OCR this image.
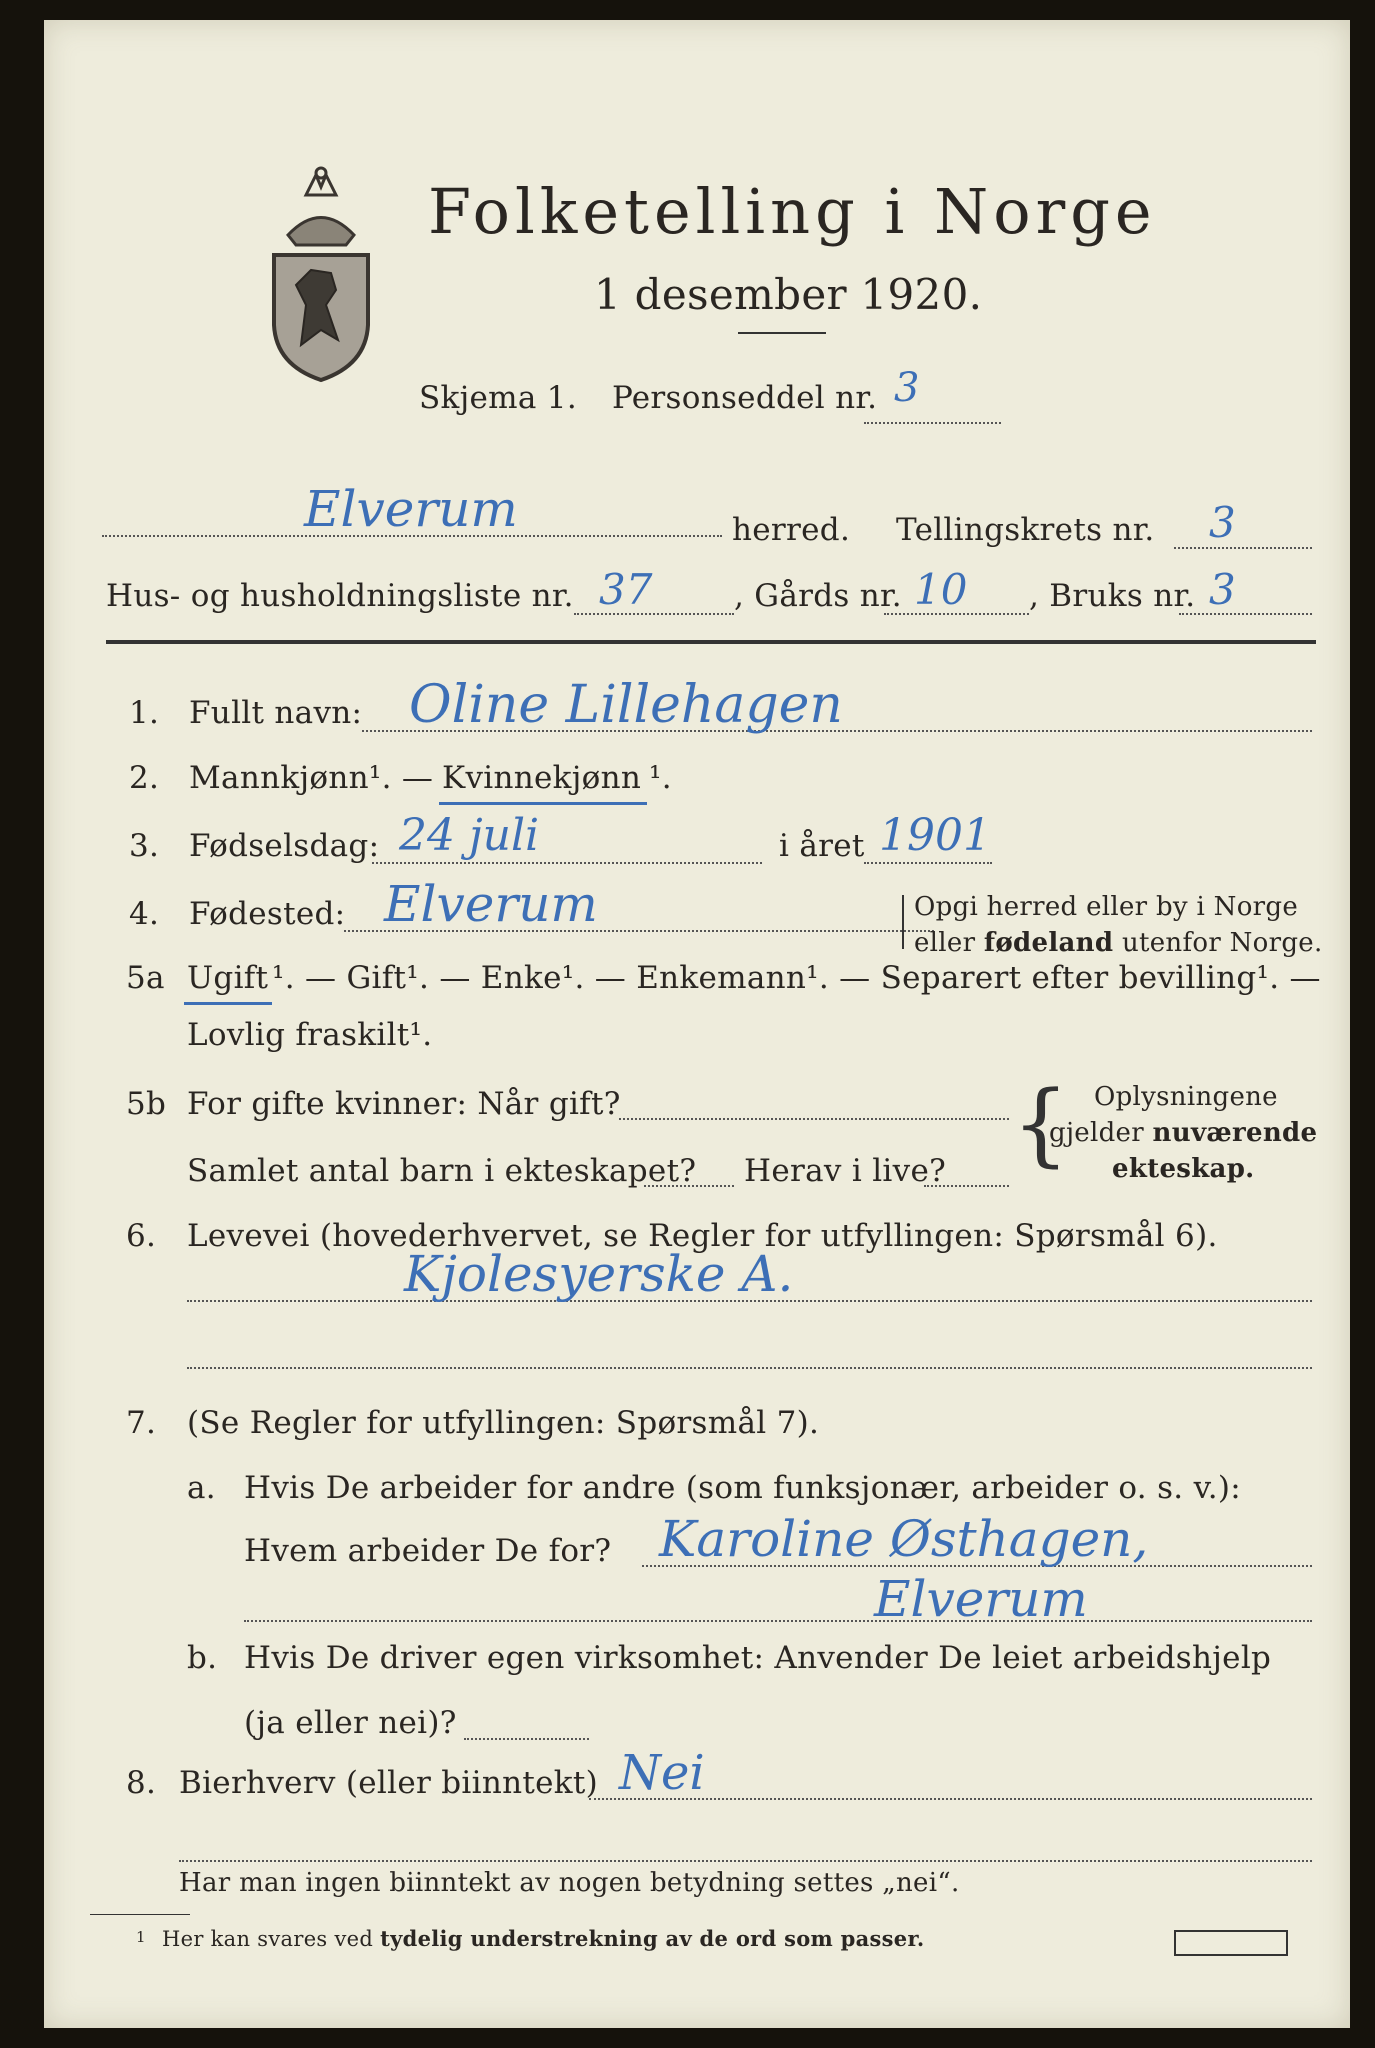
Folketelling i Norge
1 desember 1920.
Skjema 1. Personseddel nr. 3
Elverum	herred. Tellingskrets nr. 3
Hus- og husholdningsliste nr. 37	, Gårds nr. 10 , Bruks nr. 3
1. Fullt navn: Oline Lillehagen
2. Mannkjønn¹. — Kvinnekjønn ¹.
3. Fødselsdag: 24 juli	i året 1901
4. Fødested: Elverum	Opgi herred eller by i Norge
eller fødeland utenfor Norge.
5a Ugift ¹. — Gift¹. — Enke¹. — Enkemann¹. — Separert efter bevilling¹. —
Lovlig fraskilt¹.
5b For gifte kvinner: Når gift?
Samlet antal barn i ekteskapet? Herav i live? { Oplysningene
gjelder nuværende
ekteskap.
6. Levevei (hovederhvervet, se Regler for utfyllingen: Spørsmål 6).
Kjolesyerske A.
7. (Se Regler for utfyllingen: Spørsmål 7).
a. Hvis De arbeider for andre (som funksjonær, arbeider o. s. v.):
Hvem arbeider De for? Karoline Østhagen,
Elverum
b. Hvis De driver egen virksomhet: Anvender De leiet arbeidshjelp
(ja eller nei)?
8. Bierhverv (eller biinntekt) Nei
Har man ingen biinntekt av nogen betydning settes „nei“.
1 Her kan svares ved tydelig understrekning av de ord som passer.
